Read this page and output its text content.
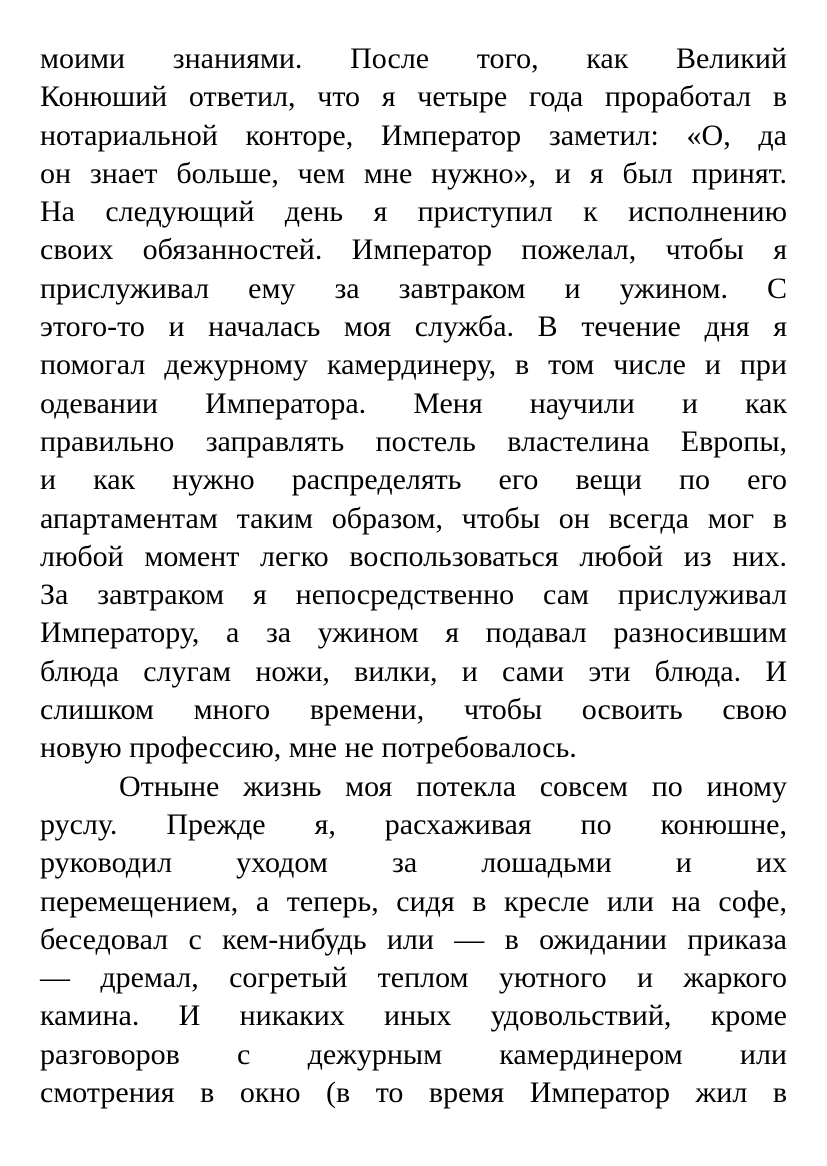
моими знаниями. После того, как Великий
Конюший ответил, что я четыре года проработал в
нотариальной конторе, Император заметил: «О, да
он знает больше, чем мне нужно», и я был принят.
На следующий день я приступил к исполнению
своих обязанностей. Император пожелал, чтобы я
прислуживал ему за завтраком и ужином. С
этого-то и началась моя служба. В течение дня я
помогал дежурному камердинеру, в том числе и при
одевании Императора. Меня научили и как
правильно заправлять постель властелина Европы,
и как нужно распределять его вещи по его
апартаментам таким образом, чтобы он всегда мог в
любой момент легко воспользоваться любой из них.
За завтраком я непосредственно сам прислуживал
Императору, а за ужином я подавал разносившим
блюда слугам ножи, вилки, и сами эти блюда. И
слишком много времени, чтобы освоить свою
новую профессию, мне не потребовалось.
Отныне жизнь моя потекла совсем по иному
руслу. Прежде я, расхаживая по конюшне,
руководил уходом за лошадьми и их
перемещением, а теперь, сидя в кресле или на софе,
беседовал с кем-нибудь или — в ожидании приказа
— дремал, согретый теплом уютного и жаркого
камина. И никаких иных удовольствий, кроме
разговоров с дежурным камердинером или
смотрения в окно (в то время Император жил в
